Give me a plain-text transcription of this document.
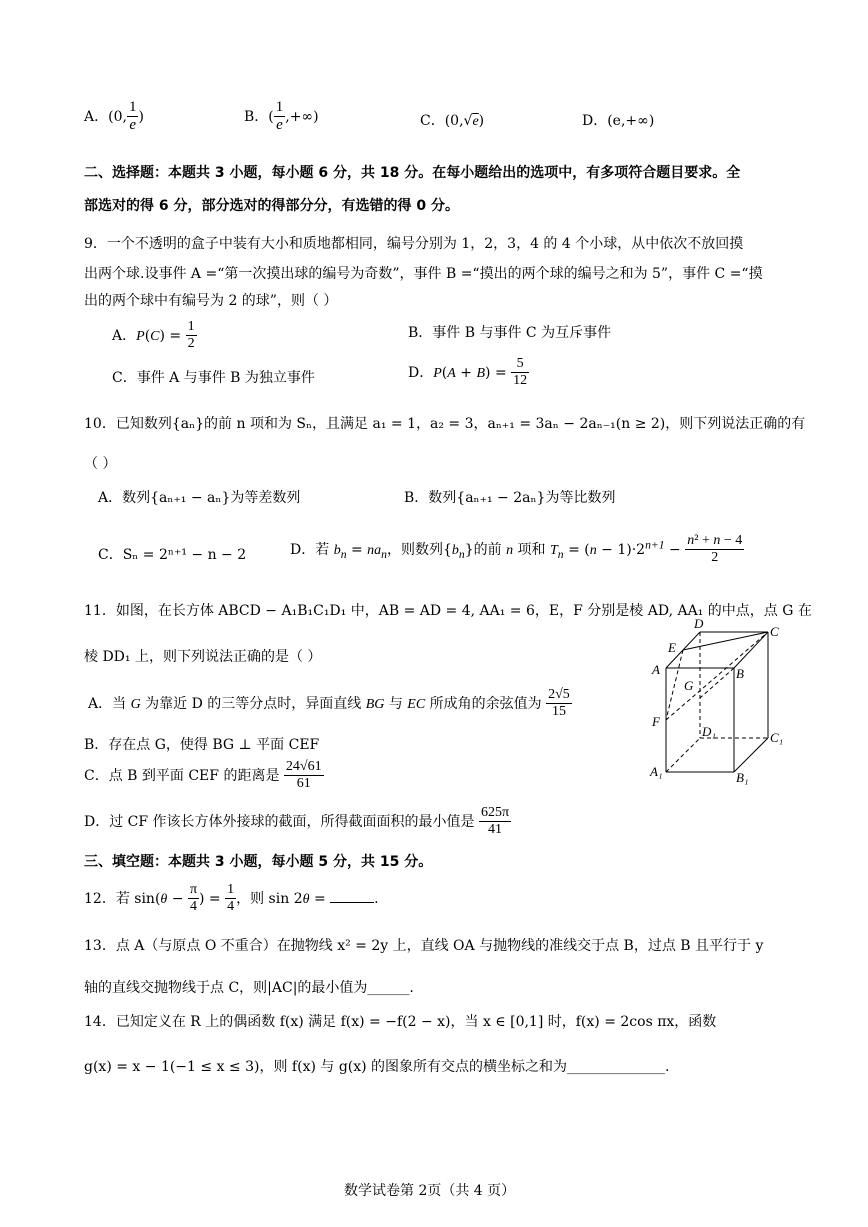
A．(0, $\frac{1}{e}$ )	B．( $\frac{1}{e}$ ,+∞)	C．(0,√e)	D．(e,+∞)
二、选择题：本题共 3 小题，每小题 6 分，共 18 分。在每小题给出的选项中，有多项符合题目要求。全
部选对的得 6 分，部分选对的得部分分，有选错的得 0 分。
9．一个不透明的盒子中装有大小和质地都相同，编号分别为 1，2，3，4 的 4 个小球，从中依次不放回摸
出两个球.设事件 A =“第一次摸出球的编号为奇数”，事件 B =“摸出的两个球的编号之和为 5”，事件 C =“摸
出的两个球中有编号为 2 的球”，则（ ）
A．$P(C) = \frac{1}{2}$	B．事件 B 与事件 C 为互斥事件
C．事件 A 与事件 B 为独立事件	D．$P(A + B) = \frac{5}{12}$
10．已知数列{aₙ}的前 n 项和为 Sₙ，且满足 a₁ = 1，a₂ = 3，aₙ₊₁ = 3aₙ − 2aₙ₋₁(n ≥ 2)，则下列说法正确的有
（ ）
A．数列{aₙ₊₁ − aₙ}为等差数列	B．数列{aₙ₊₁ − 2aₙ}为等比数列
C．Sₙ = 2ⁿ⁺¹ − n − 2	D．若 $b_n = na_n$，则数列$\{b_n\}$的前 n 项和 $T_n = (n - 1)\cdot 2^{n+1} - \frac{\text{n² + n − 4}}{2}$
11．如图，在长方体 ABCD − A₁B₁C₁D₁ 中，AB = AD = 4, AA₁ = 6，E，F 分别是棱 AD, AA₁ 的中点，点 G 在
棱 DD₁ 上，则下列说法正确的是（ ）
A．当 G 为靠近 D 的三等分点时，异面直线 BG 与 EC 所成角的余弦值为 $\frac{2√5}{15}$
B．存在点 G，使得 BG ⊥ 平面 CEF
C．点 B 到平面 CEF 的距离是 $\frac{24√61}{61}$
D．过 CF 作该长方体外接球的截面，所得截面面积的最小值是 $\frac{625\pi}{41}$
D
C
E
A	B
G
F
D₁	C₁
A₁	B₁
三、填空题：本题共 3 小题，每小题 5 分，共 15 分。
12．若 $\sin(\theta - \frac{\pi}{4}$ ) = $\frac{1}{4}$ ，则 sin 2θ =	.
13．点 A（与原点 O 不重合）在抛物线 x² = 2y 上，直线 OA 与抛物线的准线交于点 B，过点 B 且平行于 y
轴的直线交抛物线于点 C，则|AC|的最小值为______.
14．已知定义在 R 上的偶函数 f(x) 满足 f(x) = −f(2 − x)，当 x ∈ [0,1] 时，f(x) = 2cos πx，函数
g(x) = x − 1(−1 ≤ x ≤ 3)，则 f(x) 与 g(x) 的图象所有交点的横坐标之和为______________.
数学试卷第 2页（共 4 页）
